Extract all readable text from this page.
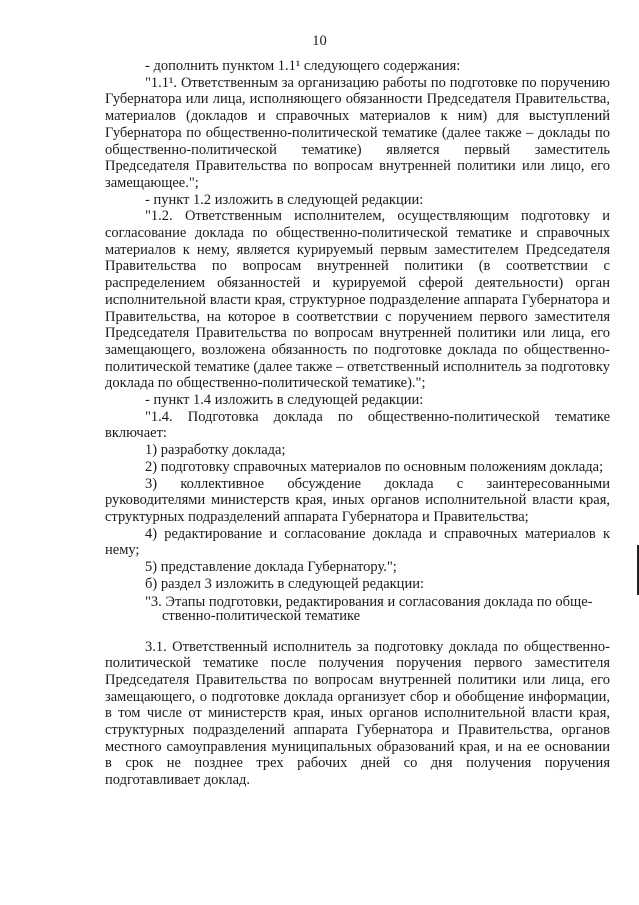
10

- дополнить пунктом 1.1¹ следующего содержания:

"1.1¹. Ответственным за организацию работы по подготовке по поручению Губернатора или лица, исполняющего обязанности Председателя Правительства, материалов (докладов и справочных материалов к ним) для выступлений Губернатора по общественно-политической тематике (далее также – доклады по общественно-политической тематике) является первый заместитель Председателя Правительства по вопросам внутренней политики или лицо, его замещающее.";

- пункт 1.2 изложить в следующей редакции:

"1.2. Ответственным исполнителем, осуществляющим подготовку и согласование доклада по общественно-политической тематике и справочных материалов к нему, является курируемый первым заместителем Председателя Правительства по вопросам внутренней политики (в соответствии с распределением обязанностей и курируемой сферой деятельности) орган исполнительной власти края, структурное подразделение аппарата Губернатора и Правительства, на которое в соответствии с поручением первого заместителя Председателя Правительства по вопросам внутренней политики или лица, его замещающего, возложена обязанность по подготовке доклада по общественно-политической тематике (далее также – ответственный исполнитель за подготовку доклада по общественно-политической тематике).";

- пункт 1.4 изложить в следующей редакции:

"1.4. Подготовка доклада по общественно-политической тематике включает:

1) разработку доклада;

2) подготовку справочных материалов по основным положениям доклада;

3) коллективное обсуждение доклада с заинтересованными руководителями министерств края, иных органов исполнительной власти края, структурных подразделений аппарата Губернатора и Правительства;

4) редактирование и согласование доклада и справочных материалов к нему;

5) представление доклада Губернатору.";

б) раздел 3 изложить в следующей редакции:

"3. Этапы подготовки, редактирования и согласования доклада по обще-
ственно-политической тематике

3.1. Ответственный исполнитель за подготовку доклада по общественно-политической тематике после получения поручения первого заместителя Председателя Правительства по вопросам внутренней политики или лица, его замещающего, о подготовке доклада организует сбор и обобщение информации, в том числе от министерств края, иных органов исполнительной власти края, структурных подразделений аппарата Губернатора и Правительства, органов местного самоуправления муниципальных образований края, и на ее основании в срок не позднее трех рабочих дней со дня получения поручения подготавливает доклад.
